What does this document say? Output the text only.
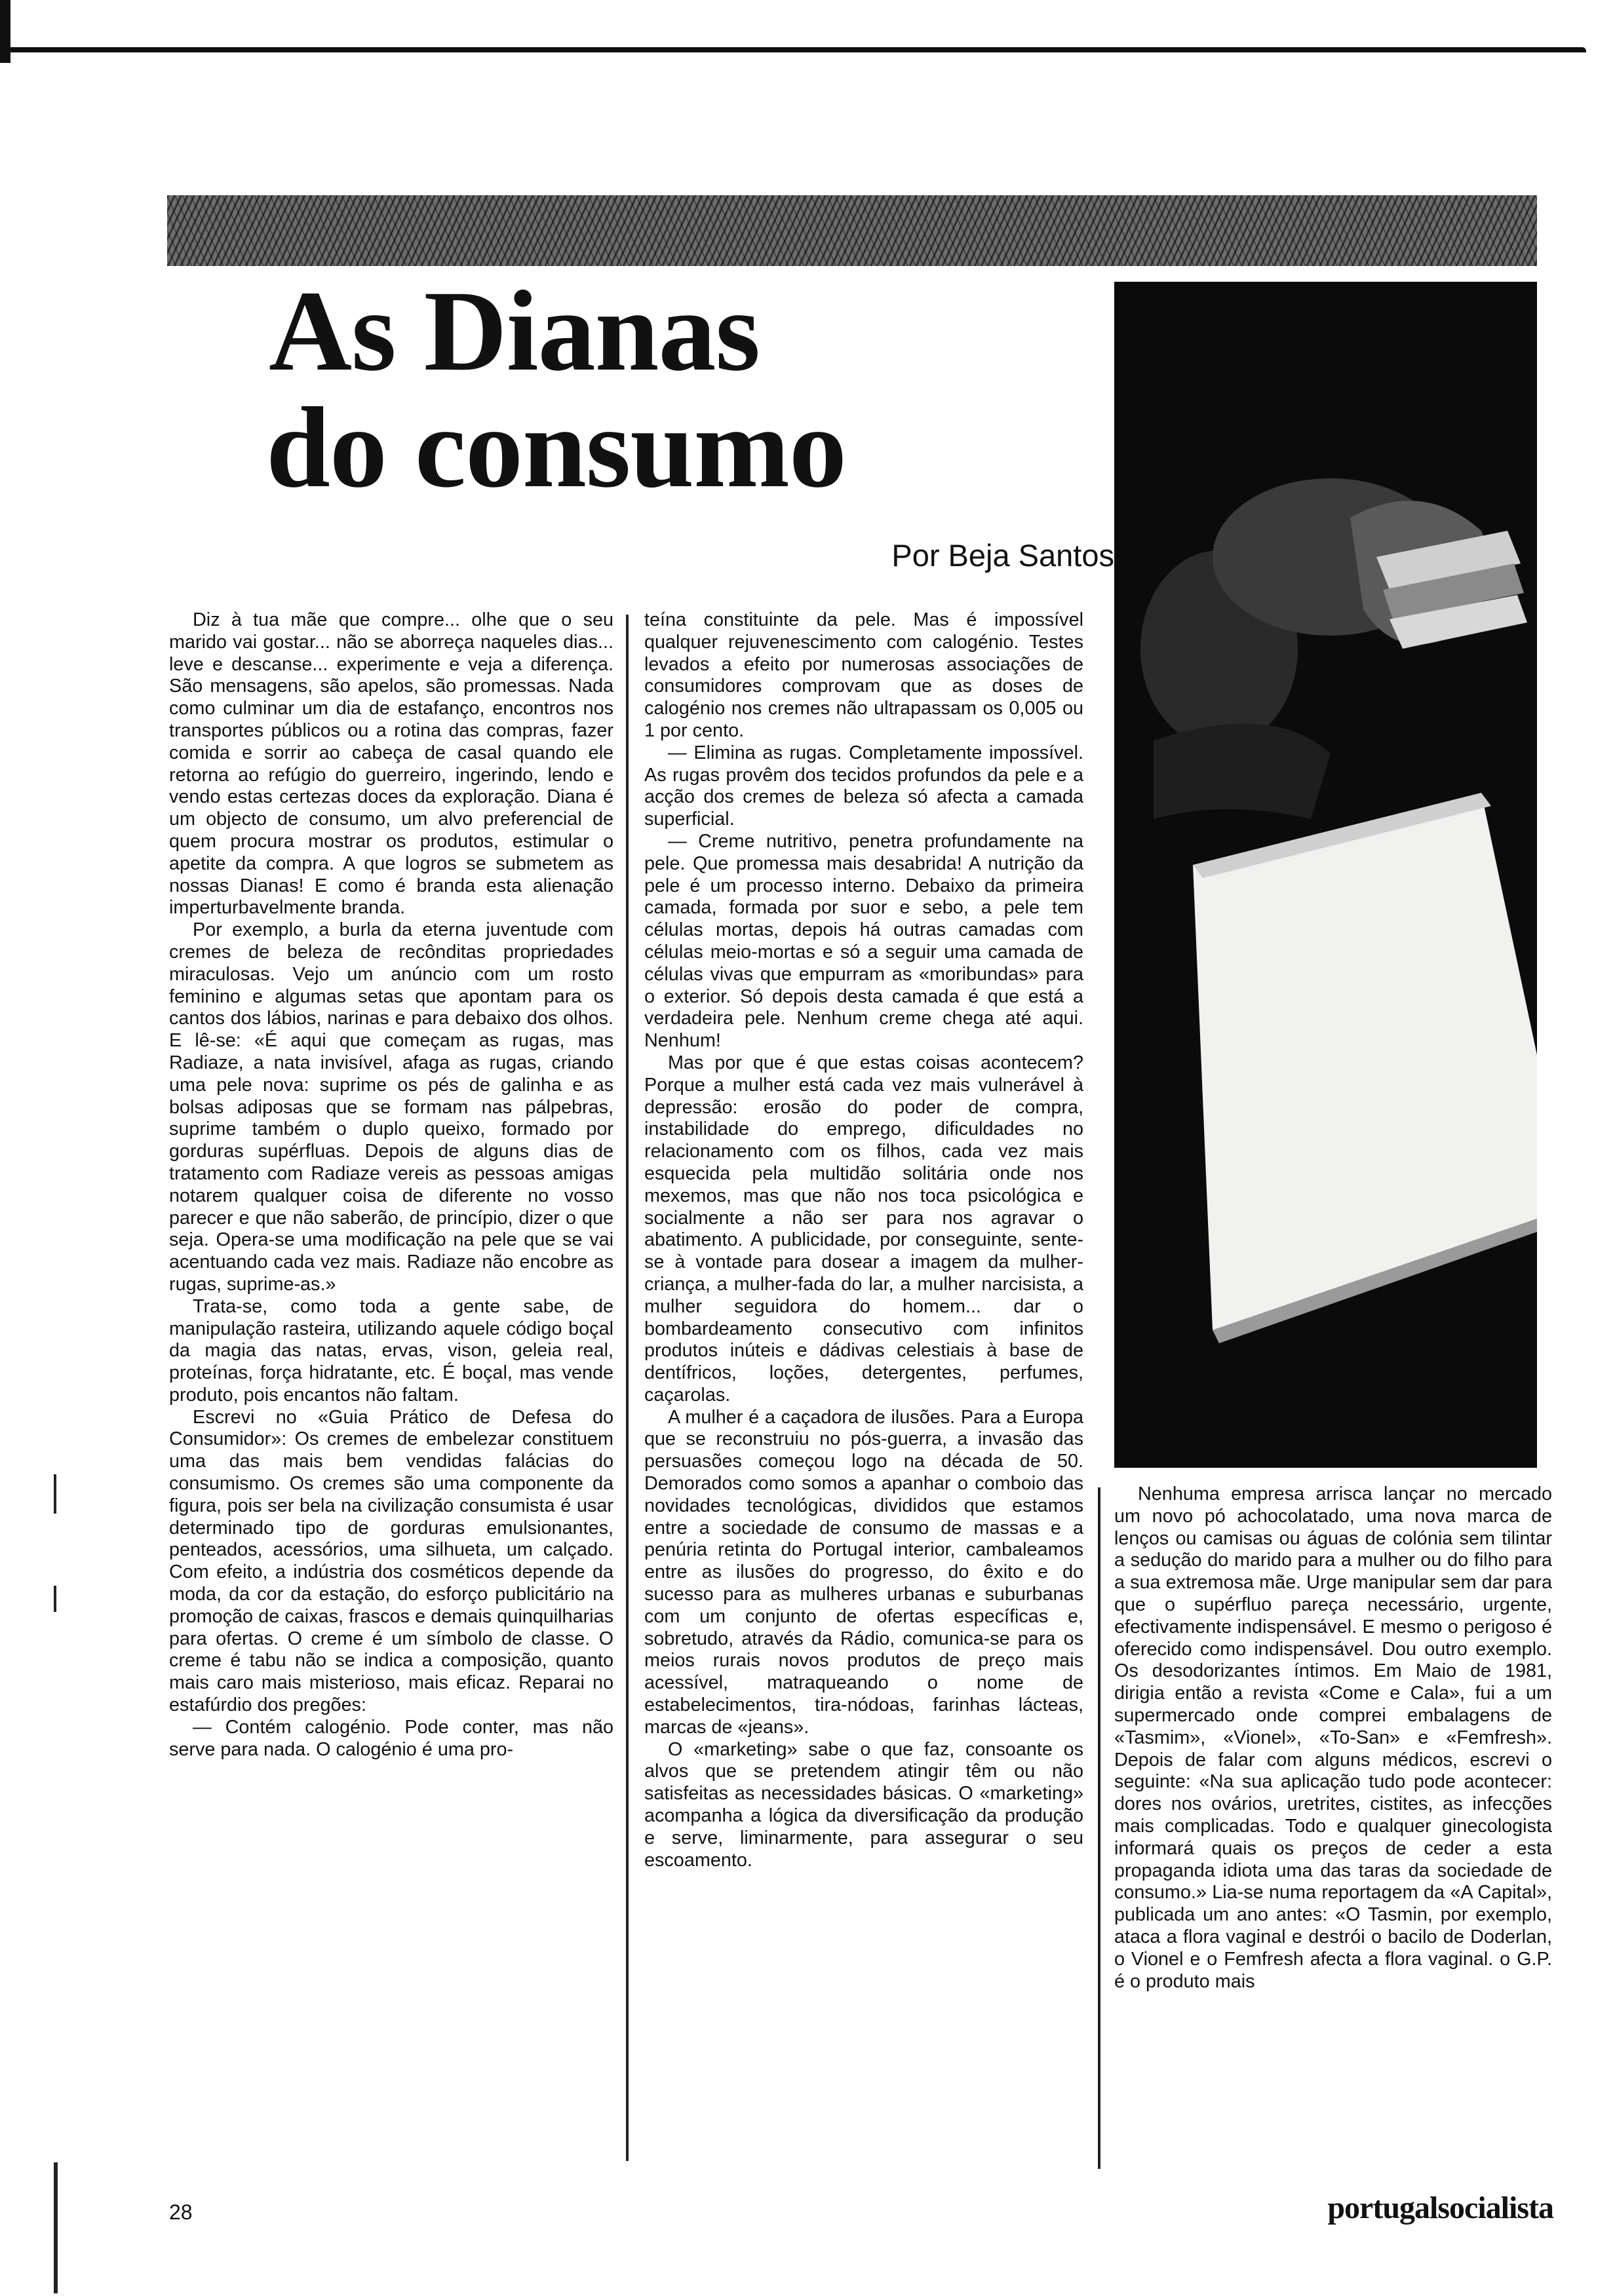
As Dianas
do consumo
Por Beja Santos

Diz à tua mãe que compre... olhe que o seu marido vai gostar... não se aborreça naqueles dias... leve e descanse... experimente e veja a diferença. São mensagens, são apelos, são promessas. Nada como culminar um dia de estafanço, encontros nos transportes públicos ou a rotina das compras, fazer comida e sorrir ao cabeça de casal quando ele retorna ao refúgio do guerreiro, ingerindo, lendo e vendo estas certezas doces da exploração. Diana é um objecto de consumo, um alvo preferencial de quem procura mostrar os produtos, estimular o apetite da compra. A que logros se submetem as nossas Dianas! E como é branda esta alienação imperturbavelmente branda.

Por exemplo, a burla da eterna juventude com cremes de beleza de recônditas propriedades miraculosas. Vejo um anúncio com um rosto feminino e algumas setas que apontam para os cantos dos lábios, narinas e para debaixo dos olhos. E lê-se: «É aqui que começam as rugas, mas Radiaze, a nata invisível, afaga as rugas, criando uma pele nova: suprime os pés de galinha e as bolsas adiposas que se formam nas pálpebras, suprime também o duplo queixo, formado por gorduras supérfluas. Depois de alguns dias de tratamento com Radiaze vereis as pessoas amigas notarem qualquer coisa de diferente no vosso parecer e que não saberão, de princípio, dizer o que seja. Opera-se uma modificação na pele que se vai acentuando cada vez mais. Radiaze não encobre as rugas, suprime-as.»

Trata-se, como toda a gente sabe, de manipulação rasteira, utilizando aquele código boçal da magia das natas, ervas, vison, geleia real, proteínas, força hidratante, etc. É boçal, mas vende produto, pois encantos não faltam.

Escrevi no «Guia Prático de Defesa do Consumidor»: Os cremes de embelezar constituem uma das mais bem vendidas falácias do consumismo. Os cremes são uma componente da figura, pois ser bela na civilização consumista é usar determinado tipo de gorduras emulsionantes, penteados, acessórios, uma silhueta, um calçado. Com efeito, a indústria dos cosméticos depende da moda, da cor da estação, do esforço publicitário na promoção de caixas, frascos e demais quinquilharias para ofertas. O creme é um símbolo de classe. O creme é tabu não se indica a composição, quanto mais caro mais misterioso, mais eficaz. Reparai no estafúrdio dos pregões:

— Contém calogénio. Pode conter, mas não serve para nada. O calogénio é uma pro-

teína constituinte da pele. Mas é impossível qualquer rejuvenescimento com calogénio. Testes levados a efeito por numerosas associações de consumidores comprovam que as doses de calogénio nos cremes não ultrapassam os 0,005 ou 1 por cento.

— Elimina as rugas. Completamente impossível. As rugas provêm dos tecidos profundos da pele e a acção dos cremes de beleza só afecta a camada superficial.

— Creme nutritivo, penetra profundamente na pele. Que promessa mais desabrida! A nutrição da pele é um processo interno. Debaixo da primeira camada, formada por suor e sebo, a pele tem células mortas, depois há outras camadas com células meio-mortas e só a seguir uma camada de células vivas que empurram as «moribundas» para o exterior. Só depois desta camada é que está a verdadeira pele. Nenhum creme chega até aqui. Nenhum!

Mas por que é que estas coisas acontecem? Porque a mulher está cada vez mais vulnerável à depressão: erosão do poder de compra, instabilidade do emprego, dificuldades no relacionamento com os filhos, cada vez mais esquecida pela multidão solitária onde nos mexemos, mas que não nos toca psicológica e socialmente a não ser para nos agravar o abatimento. A publicidade, por conseguinte, sente-se à vontade para dosear a imagem da mulher-criança, a mulher-fada do lar, a mulher narcisista, a mulher seguidora do homem... dar o bombardeamento consecutivo com infinitos produtos inúteis e dádivas celestiais à base de dentífricos, loções, detergentes, perfumes, caçarolas.

A mulher é a caçadora de ilusões. Para a Europa que se reconstruiu no pós-guerra, a invasão das persuasões começou logo na década de 50. Demorados como somos a apanhar o comboio das novidades tecnológicas, divididos que estamos entre a sociedade de consumo de massas e a penúria retinta do Portugal interior, cambaleamos entre as ilusões do progresso, do êxito e do sucesso para as mulheres urbanas e suburbanas com um conjunto de ofertas específicas e, sobretudo, através da Rádio, comunica-se para os meios rurais novos produtos de preço mais acessível, matraqueando o nome de estabelecimentos, tira-nódoas, farinhas lácteas, marcas de «jeans».

O «marketing» sabe o que faz, consoante os alvos que se pretendem atingir têm ou não satisfeitas as necessidades básicas. O «marketing» acompanha a lógica da diversificação da produção e serve, liminarmente, para assegurar o seu escoamento.

Nenhuma empresa arrisca lançar no mercado um novo pó achocolatado, uma nova marca de lenços ou camisas ou águas de colónia sem tilintar a sedução do marido para a mulher ou do filho para a sua extremosa mãe. Urge manipular sem dar para que o supérfluo pareça necessário, urgente, efectivamente indispensável. E mesmo o perigoso é oferecido como indispensável. Dou outro exemplo. Os desodorizantes íntimos. Em Maio de 1981, dirigia então a revista «Come e Cala», fui a um supermercado onde comprei embalagens de «Tasmim», «Vionel», «To-San» e «Femfresh». Depois de falar com alguns médicos, escrevi o seguinte: «Na sua aplicação tudo pode acontecer: dores nos ovários, uretrites, cistites, as infecções mais complicadas. Todo e qualquer ginecologista informará quais os preços de ceder a esta propaganda idiota uma das taras da sociedade de consumo.» Lia-se numa reportagem da «A Capital», publicada um ano antes: «O Tasmin, por exemplo, ataca a flora vaginal e destrói o bacilo de Doderlan, o Vionel e o Femfresh afecta a flora vaginal. o G.P. é o produto mais

28	portugalsocialista
